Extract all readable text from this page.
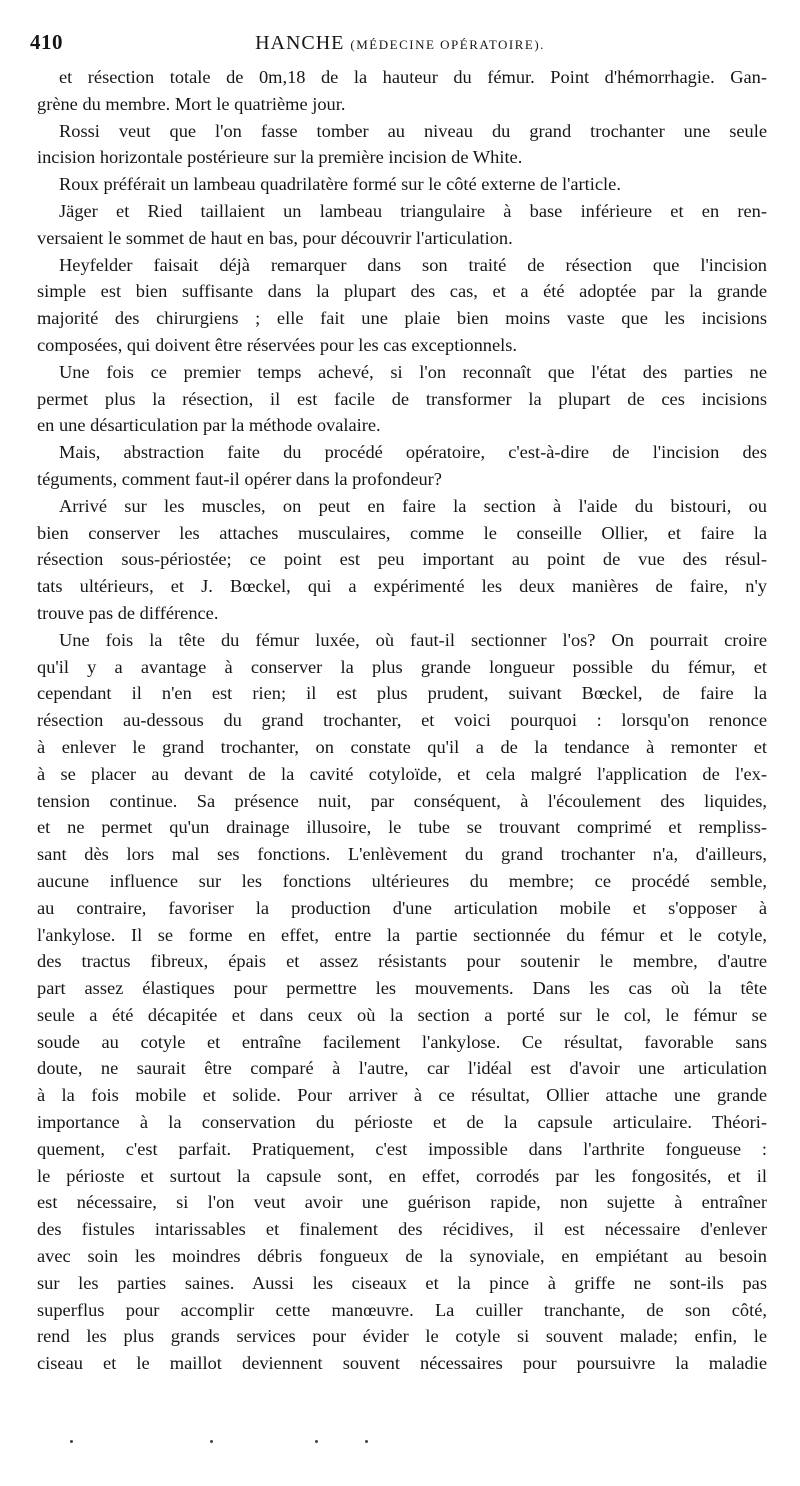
410	HANCHE (MÉDECINE OPÉRATOIRE).
et résection totale de 0m,18 de la hauteur du fémur. Point d'hémorrhagie. Gan-
grène du membre. Mort le quatrième jour.
Rossi veut que l'on fasse tomber au niveau du grand trochanter une seule
incision horizontale postérieure sur la première incision de White.
Roux préférait un lambeau quadrilatère formé sur le côté externe de l'article.
Jäger et Ried taillaient un lambeau triangulaire à base inférieure et en ren-
versaient le sommet de haut en bas, pour découvrir l'articulation.
Heyfelder faisait déjà remarquer dans son traité de résection que l'incision
simple est bien suffisante dans la plupart des cas, et a été adoptée par la grande
majorité des chirurgiens ; elle fait une plaie bien moins vaste que les incisions
composées, qui doivent être réservées pour les cas exceptionnels.
Une fois ce premier temps achevé, si l'on reconnaît que l'état des parties ne
permet plus la résection, il est facile de transformer la plupart de ces incisions
en une désarticulation par la méthode ovalaire.
Mais, abstraction faite du procédé opératoire, c'est-à-dire de l'incision des
téguments, comment faut-il opérer dans la profondeur?
Arrivé sur les muscles, on peut en faire la section à l'aide du bistouri, ou
bien conserver les attaches musculaires, comme le conseille Ollier, et faire la
résection sous-périostée; ce point est peu important au point de vue des résul-
tats ultérieurs, et J. Bœckel, qui a expérimenté les deux manières de faire, n'y
trouve pas de différence.
Une fois la tête du fémur luxée, où faut-il sectionner l'os? On pourrait croire
qu'il y a avantage à conserver la plus grande longueur possible du fémur, et
cependant il n'en est rien; il est plus prudent, suivant Bœckel, de faire la
résection au-dessous du grand trochanter, et voici pourquoi : lorsqu'on renonce
à enlever le grand trochanter, on constate qu'il a de la tendance à remonter et
à se placer au devant de la cavité cotyloïde, et cela malgré l'application de l'ex-
tension continue. Sa présence nuit, par conséquent, à l'écoulement des liquides,
et ne permet qu'un drainage illusoire, le tube se trouvant comprimé et rempliss-
sant dès lors mal ses fonctions. L'enlèvement du grand trochanter n'a, d'ailleurs,
aucune influence sur les fonctions ultérieures du membre; ce procédé semble,
au contraire, favoriser la production d'une articulation mobile et s'opposer à
l'ankylose. Il se forme en effet, entre la partie sectionnée du fémur et le cotyle,
des tractus fibreux, épais et assez résistants pour soutenir le membre, d'autre
part assez élastiques pour permettre les mouvements. Dans les cas où la tête
seule a été décapitée et dans ceux où la section a porté sur le col, le fémur se
soude au cotyle et entraîne facilement l'ankylose. Ce résultat, favorable sans
doute, ne saurait être comparé à l'autre, car l'idéal est d'avoir une articulation
à la fois mobile et solide. Pour arriver à ce résultat, Ollier attache une grande
importance à la conservation du périoste et de la capsule articulaire. Théori-
quement, c'est parfait. Pratiquement, c'est impossible dans l'arthrite fongueuse :
le périoste et surtout la capsule sont, en effet, corrodés par les fongosités, et il
est nécessaire, si l'on veut avoir une guérison rapide, non sujette à entraîner
des fistules intarissables et finalement des récidives, il est nécessaire d'enlever
avec soin les moindres débris fongueux de la synoviale, en empiétant au besoin
sur les parties saines. Aussi les ciseaux et la pince à griffe ne sont-ils pas
superflus pour accomplir cette manœuvre. La cuiller tranchante, de son côté,
rend les plus grands services pour évider le cotyle si souvent malade; enfin, le
ciseau et le maillot deviennent souvent nécessaires pour poursuivre la maladie
